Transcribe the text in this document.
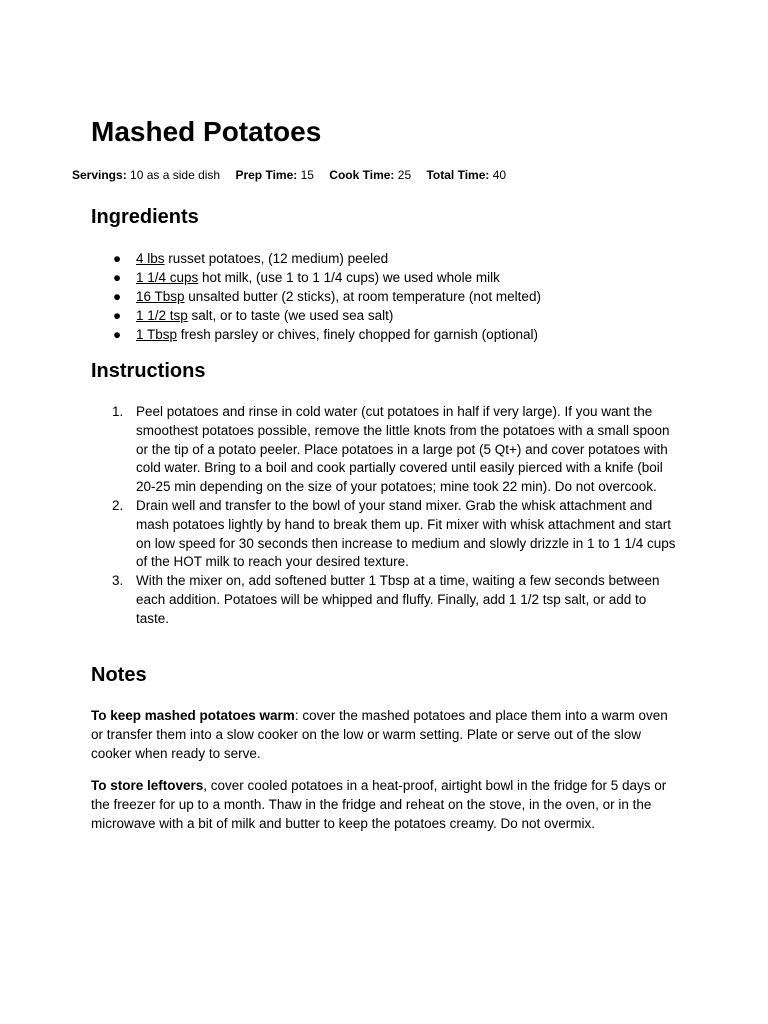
Mashed Potatoes
Servings: 10 as a side dish Prep Time: 15 Cook Time: 25 Total Time: 40
Ingredients
● 4 lbs russet potatoes, (12 medium) peeled
● 1 1/4 cups hot milk, (use 1 to 1 1/4 cups) we used whole milk
● 16 Tbsp unsalted butter (2 sticks), at room temperature (not melted)
● 1 1/2 tsp salt, or to taste (we used sea salt)
● 1 Tbsp fresh parsley or chives, finely chopped for garnish (optional)
Instructions
1. Peel potatoes and rinse in cold water (cut potatoes in half if very large). If you want the smoothest potatoes possible, remove the little knots from the potatoes with a small spoon or the tip of a potato peeler. Place potatoes in a large pot (5 Qt+) and cover potatoes with cold water. Bring to a boil and cook partially covered until easily pierced with a knife (boil 20-25 min depending on the size of your potatoes; mine took 22 min). Do not overcook.
2. Drain well and transfer to the bowl of your stand mixer. Grab the whisk attachment and mash potatoes lightly by hand to break them up. Fit mixer with whisk attachment and start on low speed for 30 seconds then increase to medium and slowly drizzle in 1 to 1 1/4 cups of the HOT milk to reach your desired texture.
3. With the mixer on, add softened butter 1 Tbsp at a time, waiting a few seconds between each addition. Potatoes will be whipped and fluffy. Finally, add 1 1/2 tsp salt, or add to taste.
Notes

To keep mashed potatoes warm: cover the mashed potatoes and place them into a warm oven or transfer them into a slow cooker on the low or warm setting. Plate or serve out of the slow cooker when ready to serve.

To store leftovers, cover cooled potatoes in a heat-proof, airtight bowl in the fridge for 5 days or the freezer for up to a month. Thaw in the fridge and reheat on the stove, in the oven, or in the microwave with a bit of milk and butter to keep the potatoes creamy. Do not overmix.
